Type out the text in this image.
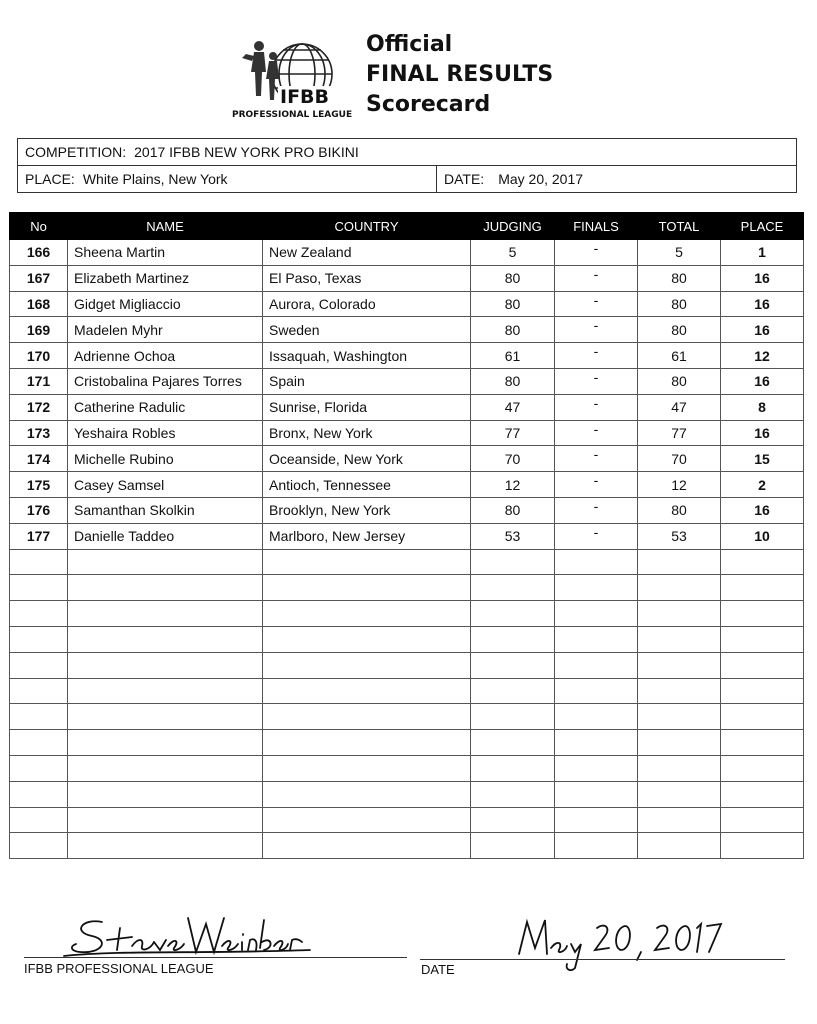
IFBB
PROFESSIONAL LEAGUE
Official
FINAL RESULTS
Scorecard
COMPETITION: 2017 IFBB NEW YORK PRO BIKINI
PLACE: White Plains, New York	DATE: May 20, 2017
No	NAME	COUNTRY	JUDGING	FINALS	TOTAL	PLACE
166	Sheena Martin	New Zealand	5	-	5	1
167	Elizabeth Martinez	El Paso, Texas	80	-	80	16
168	Gidget Migliaccio	Aurora, Colorado	80	-	80	16
169	Madelen Myhr	Sweden	80	-	80	16
170	Adrienne Ochoa	Issaquah, Washington	61	-	61	12
171	Cristobalina Pajares Torres	Spain	80	-	80	16
172	Catherine Radulic	Sunrise, Florida	47	-	47	8
173	Yeshaira Robles	Bronx, New York	77	-	77	16
174	Michelle Rubino	Oceanside, New York	70	-	70	15
175	Casey Samsel	Antioch, Tennessee	12	-	12	2
176	Samanthan Skolkin	Brooklyn, New York	80	-	80	16
177	Danielle Taddeo	Marlboro, New Jersey	53	-	53	10

IFBB PROFESSIONAL LEAGUE	DATE
